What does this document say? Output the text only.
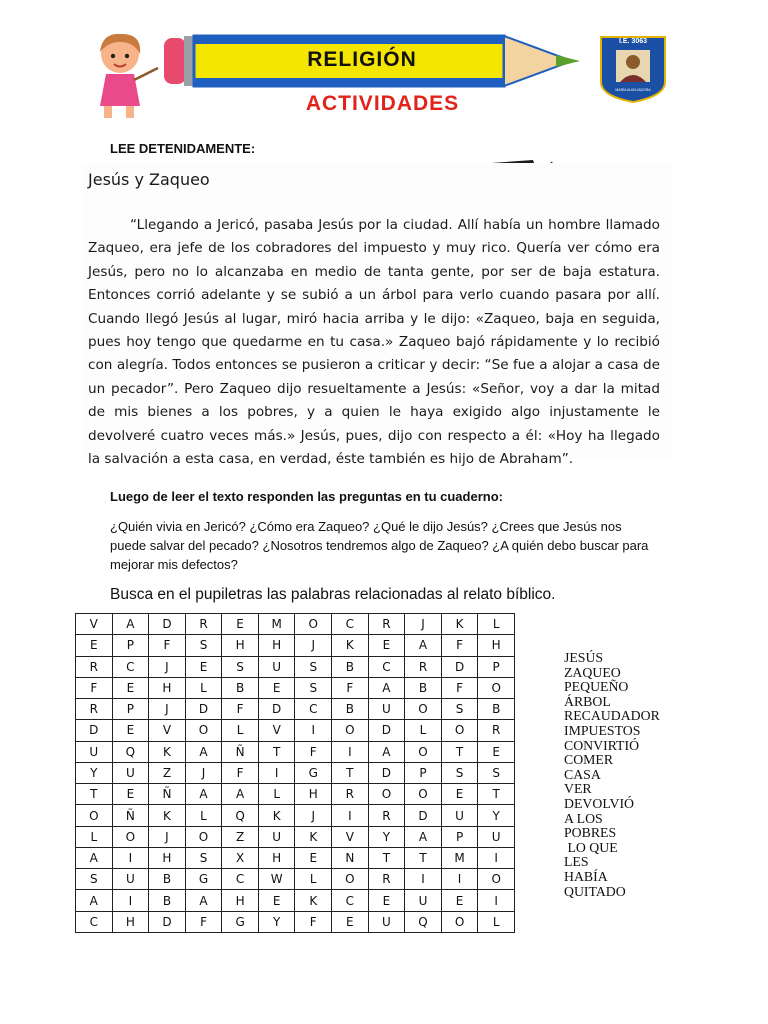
RELIGIÓN
I.E. 3063
MARÍA AUXILIADORA
ACTIVIDADES
LEE DETENIDAMENTE:
Jesús y Zaqueo
“Llegando a Jericó, pasaba Jesús por la ciudad. Allí había un hombre llamado Zaqueo, era jefe de los cobradores del impuesto y muy rico. Quería ver cómo era Jesús, pero no lo alcanzaba en medio de tanta gente, por ser de baja estatura. Entonces corrió adelante y se subió a un árbol para verlo cuando pasara por allí. Cuando llegó Jesús al lugar, miró hacia arriba y le dijo: «Zaqueo, baja en seguida, pues hoy tengo que quedarme en tu casa.» Zaqueo bajó rápidamente y lo recibió con alegría. Todos entonces se pusieron a criticar y decir: “Se fue a alojar a casa de un pecador”. Pero Zaqueo dijo resueltamente a Jesús: «Señor, voy a dar la mitad de mis bienes a los pobres, y a quien le haya exigido algo injustamente le devolveré cuatro veces más.» Jesús, pues, dijo con respecto a él: «Hoy ha llegado la salvación a esta casa, en verdad, éste también es hijo de Abraham”.
Luego de leer el texto responden las preguntas en tu cuaderno:
¿Quién vivia en Jericó? ¿Cómo era Zaqueo? ¿Qué le dijo Jesús? ¿Crees que Jesús nos puede salvar del pecado? ¿Nosotros tendremos algo de Zaqueo? ¿A quién debo buscar para mejorar mis defectos?
Busca en el pupiletras las palabras relacionadas al relato bíblico.
V	A	D	R	E	M	O	C	R	J	K	L
E	P	F	S	H	H	J	K	E	A	F	H
R	C	J	E	S	U	S	B	C	R	D	P
F	E	H	L	B	E	S	F	A	B	F	O
R	P	J	D	F	D	C	B	U	O	S	B
D	E	V	O	L	V	I	O	D	L	O	R
U	Q	K	A	Ñ	T	F	I	A	O	T	E
Y	U	Z	J	F	I	G	T	D	P	S	S
T	E	Ñ	A	A	L	H	R	O	O	E	T
O	Ñ	K	L	Q	K	J	I	R	D	U	Y
L	O	J	O	Z	U	K	V	Y	A	P	U
A	I	H	S	X	H	E	N	T	T	M	I
S	U	B	G	C	W	L	O	R	I	I	O
A	I	B	A	H	E	K	C	E	U	E	I
C	H	D	F	G	Y	F	E	U	Q	O	L
JESÚS
ZAQUEO
PEQUEÑO
ÁRBOL
RECAUDADOR
IMPUESTOS
CONVIRTIÓ
COMER
CASA
VER
DEVOLVIÓ
A LOS
POBRES
LO QUE
LES
HABÍA
QUITADO
